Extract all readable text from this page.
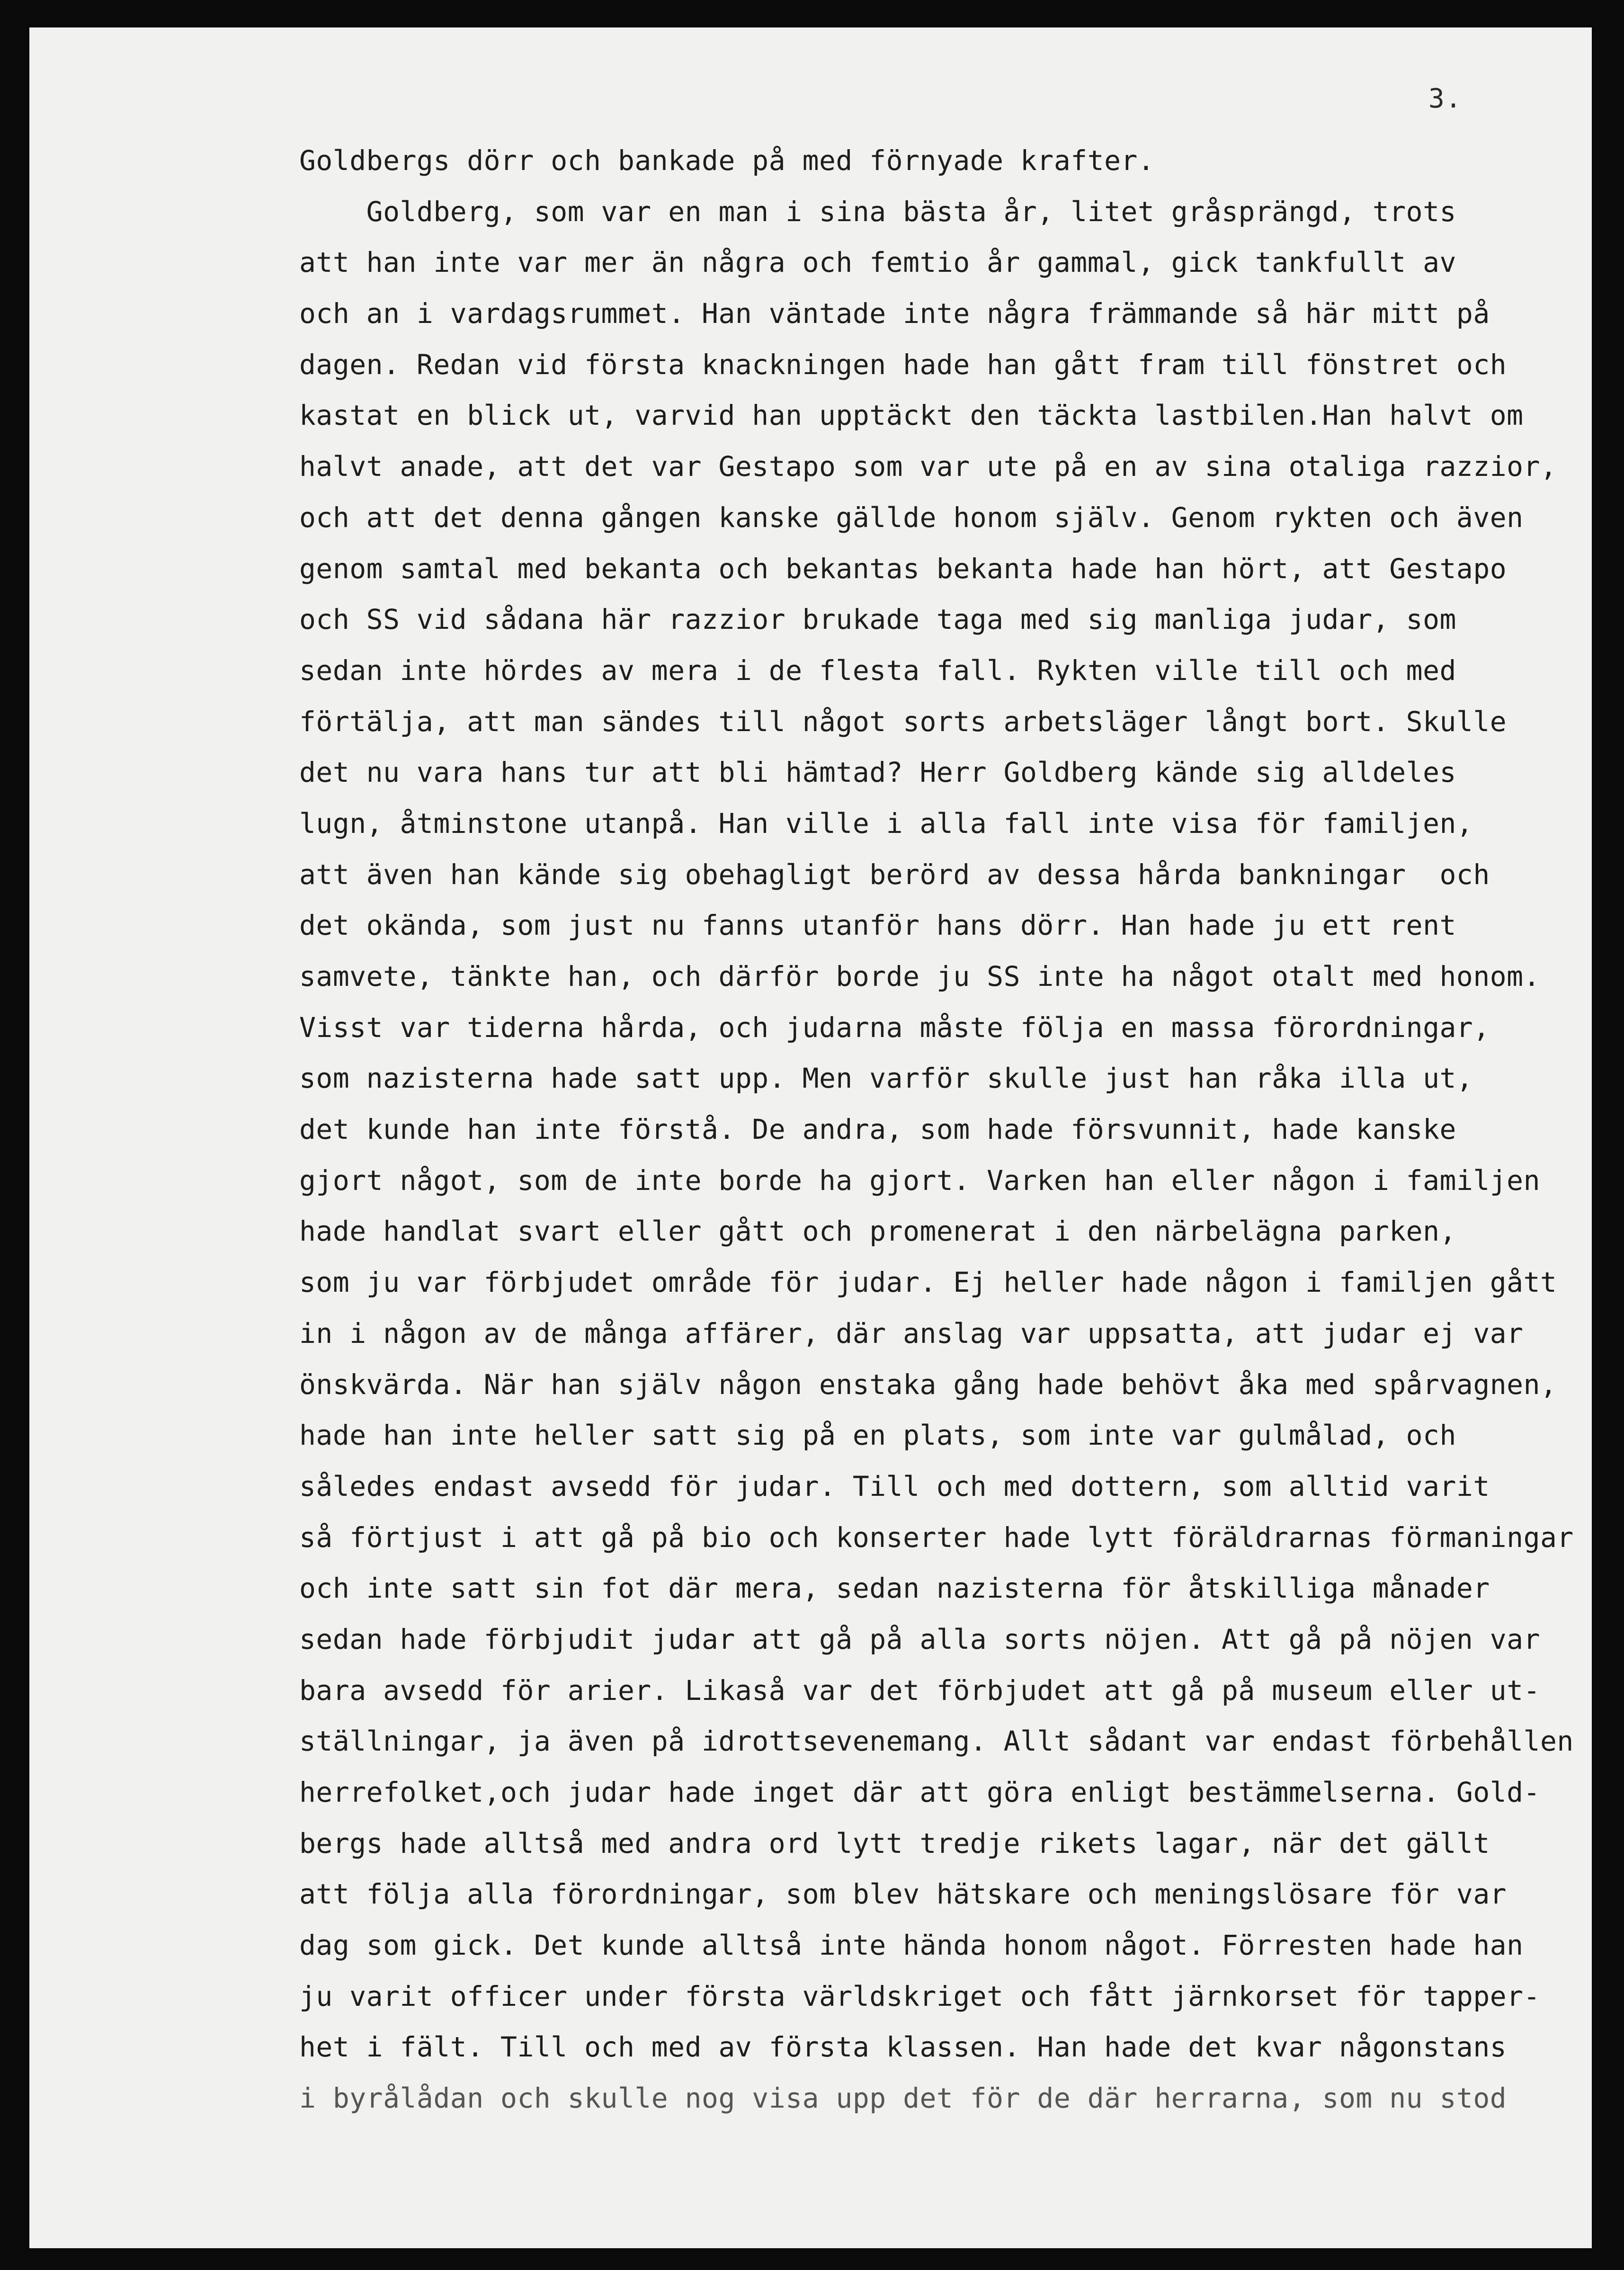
3.
Goldbergs dörr och bankade på med förnyade krafter.
Goldberg, som var en man i sina bästa år, litet gråsprängd, trots
att han inte var mer än några och femtio år gammal, gick tankfullt av
och an i vardagsrummet. Han väntade inte några främmande så här mitt på
dagen. Redan vid första knackningen hade han gått fram till fönstret och
kastat en blick ut, varvid han upptäckt den täckta lastbilen.Han halvt om
halvt anade, att det var Gestapo som var ute på en av sina otaliga razzior,
och att det denna gången kanske gällde honom själv. Genom rykten och även
genom samtal med bekanta och bekantas bekanta hade han hört, att Gestapo
och SS vid sådana här razzior brukade taga med sig manliga judar, som
sedan inte hördes av mera i de flesta fall. Rykten ville till och med
förtälja, att man sändes till något sorts arbetsläger långt bort. Skulle
det nu vara hans tur att bli hämtad? Herr Goldberg kände sig alldeles
lugn, åtminstone utanpå. Han ville i alla fall inte visa för familjen,
att även han kände sig obehagligt berörd av dessa hårda bankningar  och
det okända, som just nu fanns utanför hans dörr. Han hade ju ett rent
samvete, tänkte han, och därför borde ju SS inte ha något otalt med honom.
Visst var tiderna hårda, och judarna måste följa en massa förordningar,
som nazisterna hade satt upp. Men varför skulle just han råka illa ut,
det kunde han inte förstå. De andra, som hade försvunnit, hade kanske
gjort något, som de inte borde ha gjort. Varken han eller någon i familjen
hade handlat svart eller gått och promenerat i den närbelägna parken,
som ju var förbjudet område för judar. Ej heller hade någon i familjen gått
in i någon av de många affärer, där anslag var uppsatta, att judar ej var
önskvärda. När han själv någon enstaka gång hade behövt åka med spårvagnen,
hade han inte heller satt sig på en plats, som inte var gulmålad, och
således endast avsedd för judar. Till och med dottern, som alltid varit
så förtjust i att gå på bio och konserter hade lytt föräldrarnas förmaningar
och inte satt sin fot där mera, sedan nazisterna för åtskilliga månader
sedan hade förbjudit judar att gå på alla sorts nöjen. Att gå på nöjen var
bara avsedd för arier. Likaså var det förbjudet att gå på museum eller ut-
ställningar, ja även på idrottsevenemang. Allt sådant var endast förbehållen
herrefolket,och judar hade inget där att göra enligt bestämmelserna. Gold-
bergs hade alltså med andra ord lytt tredje rikets lagar, när det gällt
att följa alla förordningar, som blev hätskare och meningslösare för var
dag som gick. Det kunde alltså inte hända honom något. Förresten hade han
ju varit officer under första världskriget och fått järnkorset för tapper-
het i fält. Till och med av första klassen. Han hade det kvar någonstans
i byrålådan och skulle nog visa upp det för de där herrarna, som nu stod
